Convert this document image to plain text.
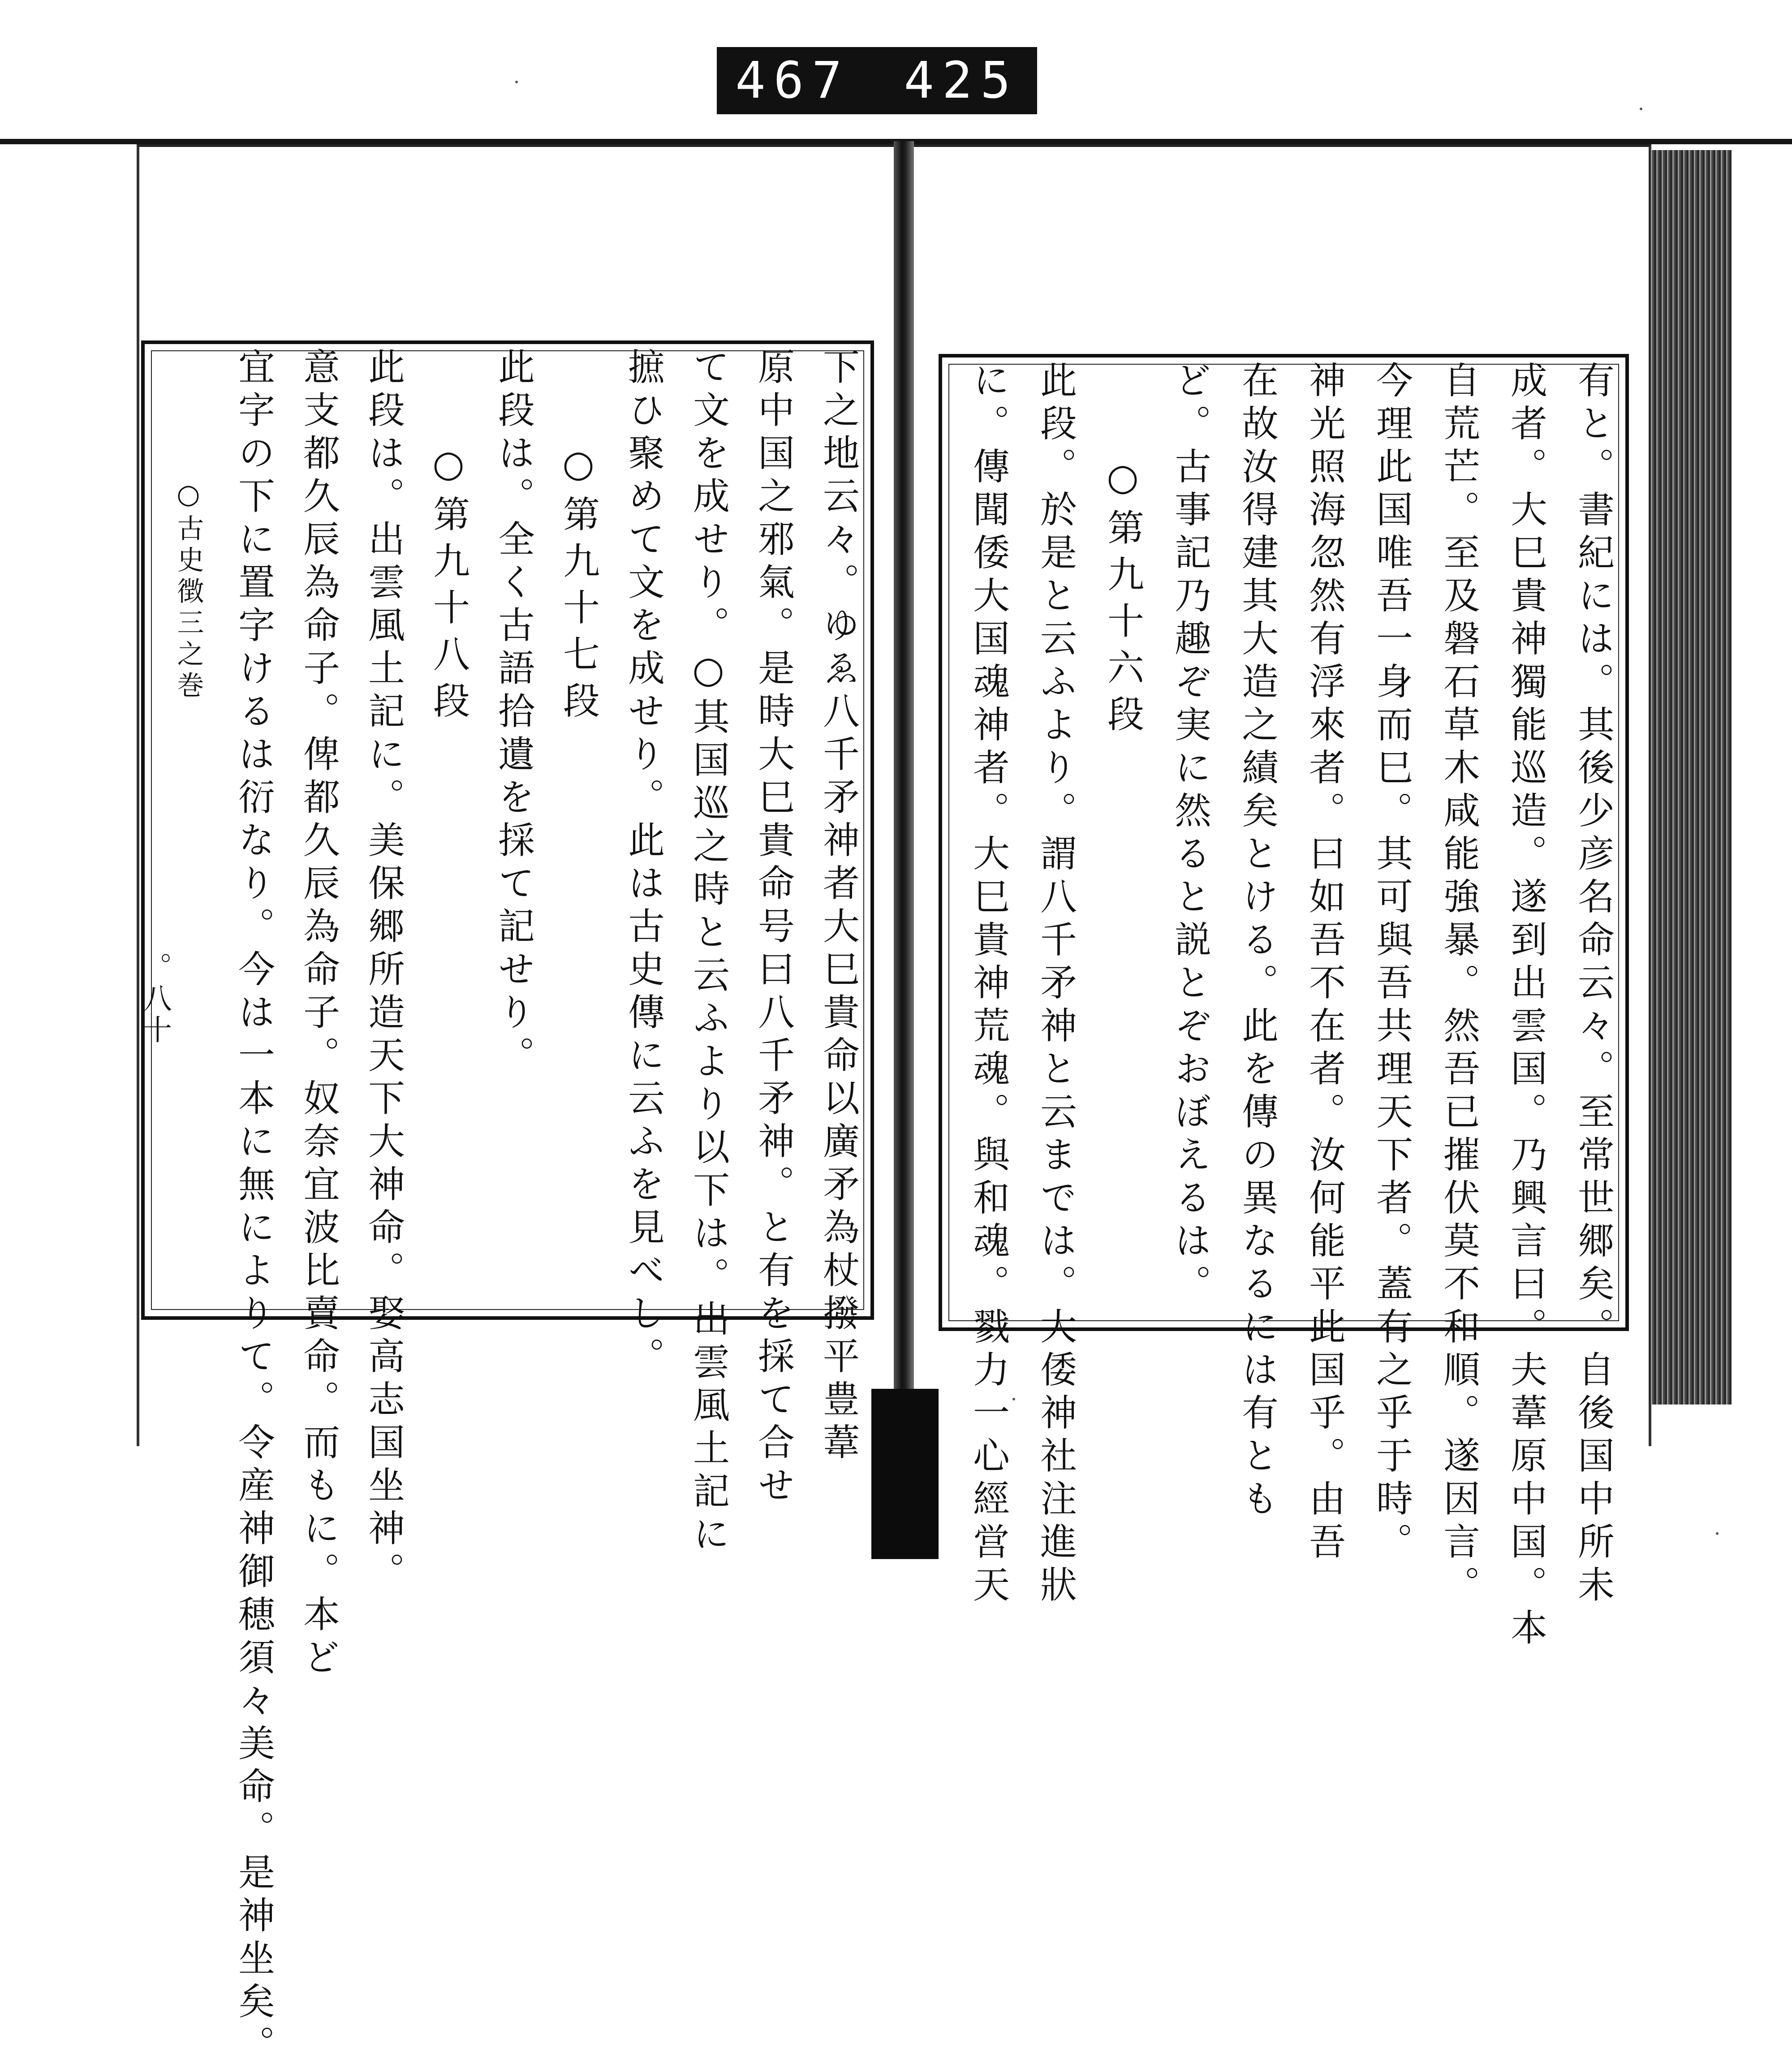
467 425
有と。書紀には。其後少彦名命云々。至常世郷矣。自後国中所未
成者。大巳貴神獨能巡造。遂到出雲国。乃興言曰。夫葦原中国。本
自荒芒。至及磐石草木咸能強暴。然吾已摧伏莫不和順。遂因言。
今理此国唯吾一身而巳。其可與吾共理天下者。蓋有之乎于時。
神光照海忽然有浮來者。曰如吾不在者。汝何能平此国乎。由吾
在故汝得建其大造之績矣とける。此を傳の異なるには有とも
ど。古事記乃趣ぞ実に然ると説とぞおぼえるは。
○第九十六段
此段。於是と云ふより。謂八千矛神と云までは。大倭神社注進狀
に。傳聞倭大国魂神者。大巳貴神荒魂。與和魂。戮力一心經営天
下之地云々。ゆゑ八千矛神者大巳貴命以廣矛為杖撥平豊葦
原中国之邪氣。是時大巳貴命号曰八千矛神。と有を採て合せ
て文を成せり。○其国巡之時と云ふより以下は。出雲風土記に
摭ひ聚めて文を成せり。此は古史傳に云ふを見べし。
○第九十七段
此段は。全く古語拾遺を採て記せり。
○第九十八段
此段は。出雲風土記に。美保郷所造天下大神命。娶高志国坐神。
意支都久辰為命子。俾都久辰為命子。奴奈宜波比賣命。而もに。本ど
宜字の下に置字けるは衍なり。今は一本に無によりて。令産神御穂須々美命。是神坐矣。
○古史徴三之巻
。八十
